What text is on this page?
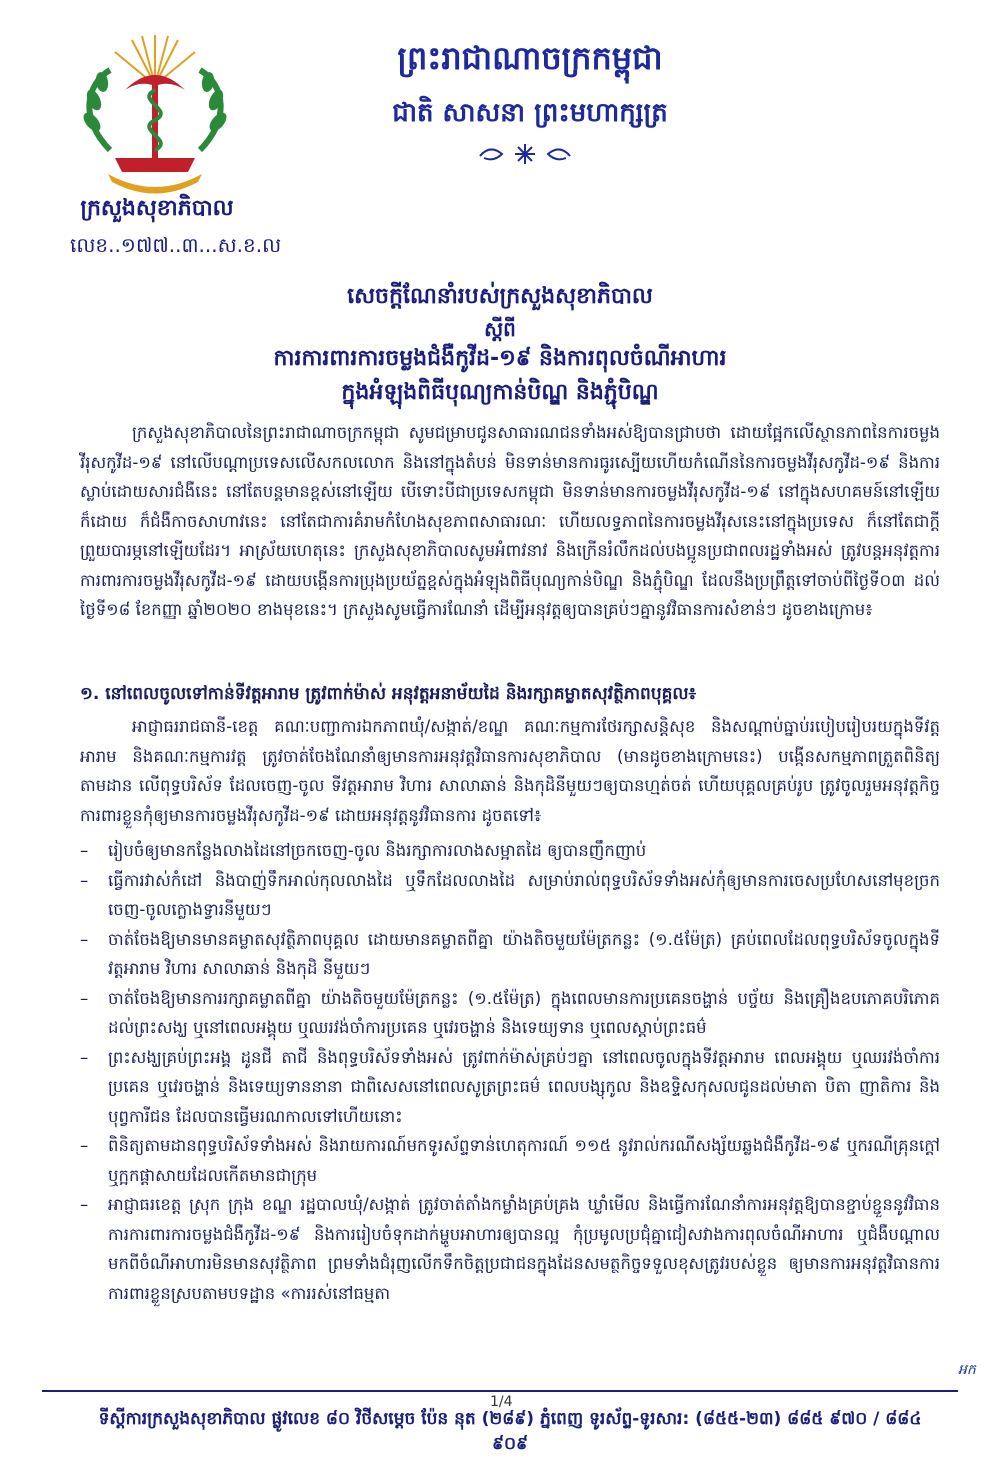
ក្រសួងសុខាភិបាល
លេខ..១៧៧..៣...ស.ខ.ល
ព្រះរាជាណាចក្រកម្ពុជា
ជាតិ សាសនា ព្រះមហាក្សត្រ
សេចក្តីណែនាំរបស់ក្រសួងសុខាភិបាល
ស្តីពី
ការការពារការចម្លងជំងឺកូវីដ-១៩ និងការពុលចំណីអាហារ
ក្នុងអំឡុងពិធីបុណ្យកាន់បិណ្ឌ និងភ្ជុំបិណ្ឌ
ក្រសួងសុខាភិបាលនៃព្រះរាជាណាចក្រកម្ពុជា សូមជម្រាបជូនសាធារណជនទាំងអស់ឱ្យបានជ្រាបថា ដោយផ្អែកលើស្ថានភាពនៃការចម្លងវីរុសកូវីដ-១៩ នៅលើបណ្តាប្រទេសលើសកលលោក និងនៅក្នុងតំបន់ មិនទាន់មានការធូរស្បើយហើយកំណើននៃការចម្លងវីរុសកូវីដ-១៩ និងការស្លាប់ដោយសារជំងឺនេះ នៅតែបន្តមានខ្ពស់នៅឡើយ បើទោះបីជាប្រទេសកម្ពុជា មិនទាន់មានការចម្លងវីរុសកូវីដ-១៩ នៅក្នុងសហគមន៍នៅឡើយក៏ដោយ ក៏ជំងឺកាចសាហាវនេះ នៅតែជាការគំរាមកំហែងសុខភាពសាធារណៈ ហើយលទ្ធភាពនៃការចម្លងវីរុសនេះនៅក្នុងប្រទេស ក៏នៅតែជាក្តីព្រួយបារម្ភនៅឡើយដែរ។ អាស្រ័យហេតុនេះ ក្រសួងសុខាភិបាលសូមអំពាវនាវ និងក្រើនរំលឹកដល់បងប្អូនប្រជាពលរដ្ឋទាំងអស់ ត្រូវបន្តអនុវត្តការការពារការចម្លងវីរុសកូវីដ-១៩ ដោយបង្កើនការប្រុងប្រយ័ត្នខ្ពស់ក្នុងអំឡុងពិធីបុណ្យកាន់បិណ្ឌ និងភ្ជុំបិណ្ឌ ដែលនឹងប្រព្រឹត្តទៅចាប់ពីថ្ងៃទី០៣ ដល់ថ្ងៃទី១៨ ខែកញ្ញា ឆ្នាំ២០២០ ខាងមុខនេះ។ ក្រសួងសូមធ្វើការណែនាំ ដើម្បីអនុវត្តឲ្យបានគ្រប់ៗគ្នានូវវិធានការសំខាន់ៗ ដូចខាងក្រោម៖
១. នៅពេលចូលទៅកាន់ទីវត្តអារាម ត្រូវពាក់ម៉ាស់ អនុវត្តអនាម័យដៃ និងរក្សាគម្លាតសុវត្ថិភាពបុគ្គល៖
អាជ្ញាធររាជធានី-ខេត្ត គណៈបញ្ជាការឯកភាពឃុំ/សង្កាត់/ខណ្ឌ គណៈកម្មការថែរក្សាសន្តិសុខ និងសណ្តាប់ធ្នាប់របៀបរៀបរយក្នុងទីវត្តអារាម និងគណៈកម្មការវត្ត ត្រូវចាត់ចែងណែនាំឲ្យមានការអនុវត្តវិធានការសុខាភិបាល (មានដូចខាងក្រោមនេះ) បង្កើនសកម្មភាពត្រួតពិនិត្យ តាមដាន លើពុទ្ធបរិស័ទ ដែលចេញ-ចូល ទីវត្តអារាម វិហារ សាលាឆាន់ និងកុដិនីមួយៗឲ្យបានហ្មត់ចត់ ហើយបុគ្គលគ្រប់រូប ត្រូវចូលរួមអនុវត្តកិច្ចការពារខ្លួនកុំឲ្យមានការចម្លងវីរុសកូវីដ-១៩ ដោយអនុវត្តនូវវិធានការ ដូចតទៅ៖
– រៀបចំឲ្យមានកន្លែងលាងដៃនៅច្រកចេញ-ចូល និងរក្សាការលាងសម្អាតដៃ ឲ្យបានញឹកញាប់
– ធ្វើការវាស់កំដៅ និងបាញ់ទឹកអាល់កុលលាងដៃ ឬទឹកដែលលាងដៃ សម្រាប់រាល់ពុទ្ធបរិស័ទទាំងអស់កុំឲ្យមានការចេសប្រហែសនៅមុខច្រកចេញ-ចូលក្លោងទ្វារនីមួយៗ
– ចាត់ចែងឱ្យមានមានគម្លាតសុវត្ថិភាពបុគ្គល ដោយមានគម្លាតពីគ្នា យ៉ាងតិចមួយម៉ែត្រកន្លះ (១.៥ម៉ែត្រ) គ្រប់ពេលដែលពុទ្ធបរិស័ទចូលក្នុងទីវត្តអារាម វិហារ សាលាឆាន់ និងកុដិ នីមួយៗ
– ចាត់ចែងឱ្យមានការរក្សាគម្លាតពីគ្នា យ៉ាងតិចមួយម៉ែត្រកន្លះ (១.៥ម៉ែត្រ) ក្នុងពេលមានការប្រគេនចង្ហាន់ បច្ច័យ និងគ្រឿងឧបភោគបរិភោគ ដល់ព្រះសង្ឃ ឬនៅពេលអង្គុយ ឬឈរវង់ចាំការប្រគេន ឬវេរចង្ហាន់ និងទេយ្យទាន ឬពេលស្តាប់ព្រះធម៌
– ព្រះសង្ឃគ្រប់ព្រះអង្គ ដូនជី តាជី និងពុទ្ធបរិស័ទទាំងអស់ ត្រូវពាក់ម៉ាស់គ្រប់ៗគ្នា នៅពេលចូលក្នុងទីវត្តអារាម ពេលអង្គុយ ឬឈរវង់ចាំការប្រគេន ឬវេរចង្ហាន់ និងទេយ្យទាននានា ជាពិសេសនៅពេលសូត្រព្រះធម៌ ពេលបង្សុកូល និងឧទ្ទិសកុសលជូនដល់មាតា បិតា ញាតិការ និងបុព្វការីជន ដែលបានធ្វើមរណកាលទៅហើយនោះ
– ពិនិត្យតាមដានពុទ្ធបរិស័ទទាំងអស់ និងរាយការណ៍មកទូរស័ព្ទទាន់ហេតុការណ៍ ១១៥ នូវរាល់ករណីសង្ស័យឆ្លងជំងឺកូវីដ-១៩ ឬករណីគ្រុនក្តៅ ឬក្អកផ្តាសាយដែលកើតមានជាក្រុម
– អាជ្ញាធរខេត្ត ស្រុក ក្រុង ខណ្ឌ រដ្ឋបាលឃុំ/សង្កាត់ ត្រូវចាត់តាំងកម្លាំងគ្រប់គ្រង ឃ្លាំមើល និងធ្វើការណែនាំការអនុវត្តឱ្យបានខ្ជាប់ខ្ជួននូវវិធានការការពារការចម្លងជំងឺកូវីដ-១៩ និងការរៀបចំទុកដាក់ម្ហូបអាហារឲ្យបានល្អ កុំប្រមូលប្រជុំគ្នាជៀសវាងការពុលចំណីអាហារ ឬជំងឺបណ្តាលមកពីចំណីអាហារមិនមានសុវត្ថិភាព ព្រមទាំងជំរុញលើកទឹកចិត្តប្រជាជនក្នុងដែនសមត្ថកិច្ចទទួលខុសត្រូវរបស់ខ្លួន ឲ្យមានការអនុវត្តវិធានការការពារខ្លួនស្របតាមបទដ្ឋាន «ការរស់នៅធម្មតា
អក
1/4
ទីស្តីការក្រសួងសុខាភិបាល ផ្លូវលេខ ៨០ វិថីសម្តេច ប៉ែន នុត (២៨៩) ភ្នំពេញ ទូរស័ព្ទ-ទូរសារ: (៨៥៥-២៣) ៨៨៥ ៩៧០ / ៨៨៤ ៩០៩
